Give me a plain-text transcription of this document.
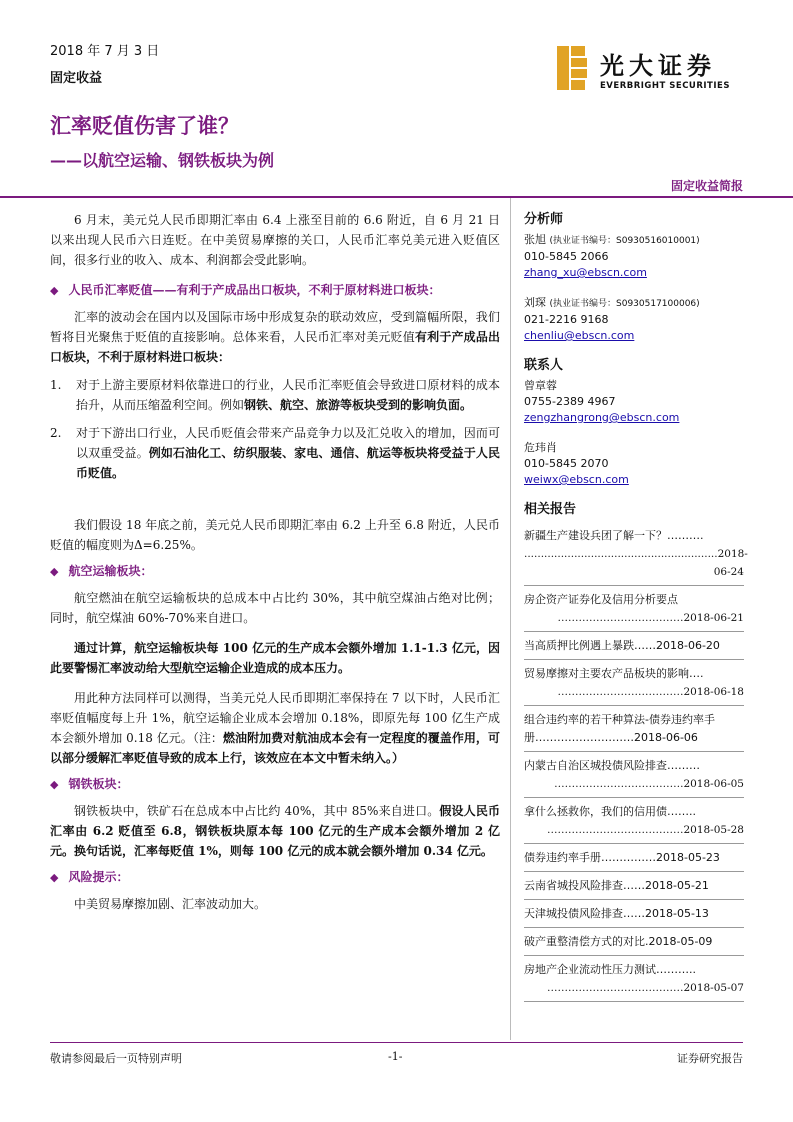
2018 年 7 月 3 日
固定收益	光大证券
EVERBRIGHT SECURITIES
汇率贬值伤害了谁？
——以航空运输、钢铁板块为例
固定收益简报

6 月末，美元兑人民币即期汇率由 6.4 上涨至目前的 6.6 附近，自 6 月 21 日以来出现人民币六日连贬。在中美贸易摩擦的关口，人民币汇率兑美元进入贬值区间，很多行业的收入、成本、利润都会受此影响。

◆ 人民币汇率贬值——有利于产成品出口板块，不利于原材料进口板块：

汇率的波动会在国内以及国际市场中形成复杂的联动效应，受到篇幅所限，我们暂将目光聚焦于贬值的直接影响。总体来看，人民币汇率对美元贬值有利于产成品出口板块，不利于原材料进口板块：

1. 对于上游主要原材料依靠进口的行业，人民币汇率贬值会导致进口原材料的成本抬升，从而压缩盈利空间。例如钢铁、航空、旅游等板块受到的影响负面。

2. 对于下游出口行业，人民币贬值会带来产品竞争力以及汇兑收入的增加，因而可以双重受益。例如石油化工、纺织服装、家电、通信、航运等板块将受益于人民币贬值。

我们假设 18 年底之前，美元兑人民币即期汇率由 6.2 上升至 6.8 附近，人民币贬值的幅度则为Δ=6.25%。

◆ 航空运输板块：

航空燃油在航空运输板块的总成本中占比约 30%，其中航空煤油占绝对比例；同时，航空煤油 60%-70%来自进口。

通过计算，航空运输板块每 100 亿元的生产成本会额外增加 1.1-1.3 亿元，因此要警惕汇率波动给大型航空运输企业造成的成本压力。

用此种方法同样可以测得，当美元兑人民币即期汇率保持在 7 以下时，人民币汇率贬值幅度每上升 1%，航空运输企业成本会增加 0.18%，即原先每 100 亿生产成本会额外增加 0.18 亿元。（注：燃油附加费对航油成本会有一定程度的覆盖作用，可以部分缓解汇率贬值导致的成本上行，该效应在本文中暂未纳入。）

◆ 钢铁板块：

钢铁板块中，铁矿石在总成本中占比约 40%，其中 85%来自进口。假设人民币汇率由 6.2 贬值至 6.8，钢铁板块原本每 100 亿元的生产成本会额外增加 2 亿元。换句话说，汇率每贬值 1%，则每 100 亿元的成本就会额外增加 0.34 亿元。

◆ 风险提示：

中美贸易摩擦加剧、汇率波动加大。

分析师
张旭 (执业证书编号：S0930516010001)
010-5845 2066
zhang_xu@ebscn.com
刘琛 (执业证书编号：S0930517100006)
021-2216 9168
chenliu@ebscn.com
联系人
曾章蓉
0755-2389 4967
zengzhangrong@ebscn.com
危玮肖
010-5845 2070
weiwx@ebscn.com
相关报告
新疆生产建设兵团了解一下？……….
..........................................................2018-06-24
房企资产证券化及信用分析要点
………………………………2018-06-21
当高质押比例遇上暴跌……2018-06-20
贸易摩擦对主要农产品板块的影响….
………………………………2018-06-18
组合违约率的若干种算法-债券违约率手册………………………2018-06-06
内蒙古自治区城投债风险排查………
……………………………….2018-06-05
拿什么拯救你，我们的信用债……..
…………………………………2018-05-28
债券违约率手册……………2018-05-23
云南省城投风险排查……2018-05-21
天津城投债风险排查……2018-05-13
破产重整清偿方式的对比.2018-05-09
房地产企业流动性压力测试………..
…………………………………2018-05-07
敬请参阅最后一页特别声明	-1-	证券研究报告
